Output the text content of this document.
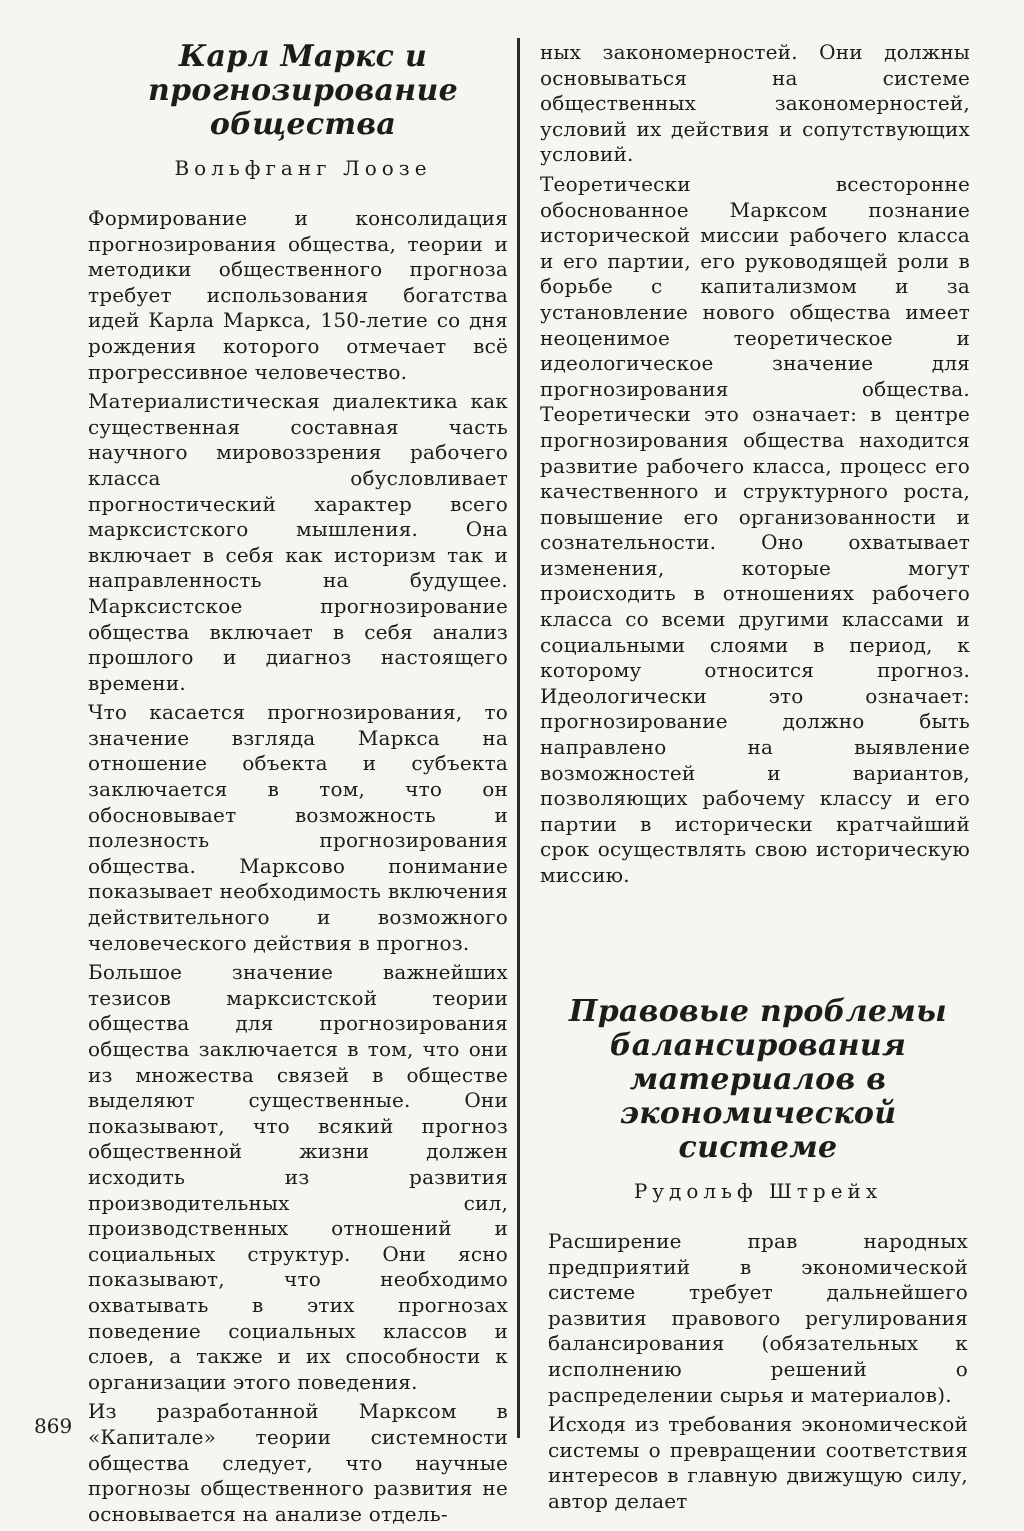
Карл Маркс и прогнозирование общества
Вольфганг Лоозе

Формирование и консолидация прогнозирования общества, теории и методики общественного прогноза требует использования богатства идей Карла Маркса, 150-летие со дня рождения которого отмечает всё прогрессивное человечество.

Материалистическая диалектика как существенная составная часть научного мировоззрения рабочего класса обусловливает прогностический характер всего марксистского мышления. Она включает в себя как историзм так и направленность на будущее. Марксистское прогнозирование общества включает в себя анализ прошлого и диагноз настоящего времени.

Что касается прогнозирования, то значение взгляда Маркса на отношение объекта и субъекта заключается в том, что он обосновывает возможность и полезность прогнозирования общества. Марксово понимание показывает необходимость включения действительного и возможного человеческого действия в прогноз.

Большое значение важнейших тезисов марксистской теории общества для прогнозирования общества заключается в том, что они из множества связей в обществе выделяют существенные. Они показывают, что всякий прогноз общественной жизни должен исходить из развития производительных сил, производственных отношений и социальных структур. Они ясно показывают, что необходимо охватывать в этих прогнозах поведение социальных классов и слоев, а также и их способности к организации этого поведения.

Из разработанной Марксом в «Капитале» теории системности общества следует, что научные прогнозы общественного развития не основывается на анализе отдель-

ных закономерностей. Они должны основываться на системе общественных закономерностей, условий их действия и сопутствующих условий.

Теоретически всесторонне обоснованное Марксом познание исторической миссии рабочего класса и его партии, его руководящей роли в борьбе с капитализмом и за установление нового общества имеет неоценимое теоретическое и идеологическое значение для прогнозирования общества. Теоретически это означает: в центре прогнозирования общества находится развитие рабочего класса, процесс его качественного и структурного роста, повышение его организованности и сознательности. Оно охватывает изменения, которые могут происходить в отношениях рабочего класса со всеми другими классами и социальными слоями в период, к которому относится прогноз. Идеологически это означает: прогнозирование должно быть направлено на выявление возможностей и вариантов, позволяющих рабочему классу и его партии в исторически кратчайший срок осуществлять свою историческую миссию.

Правовые проблемы балансирования материалов в экономической системе
Рудольф Штрейх

Расширение прав народных предприятий в экономической системе требует дальнейшего развития правового регулирования балансирования (обязательных к исполнению решений о распределении сырья и материалов).

Исходя из требования экономической системы о превращении соответствия интересов в главную движущую силу, автор делает

869
